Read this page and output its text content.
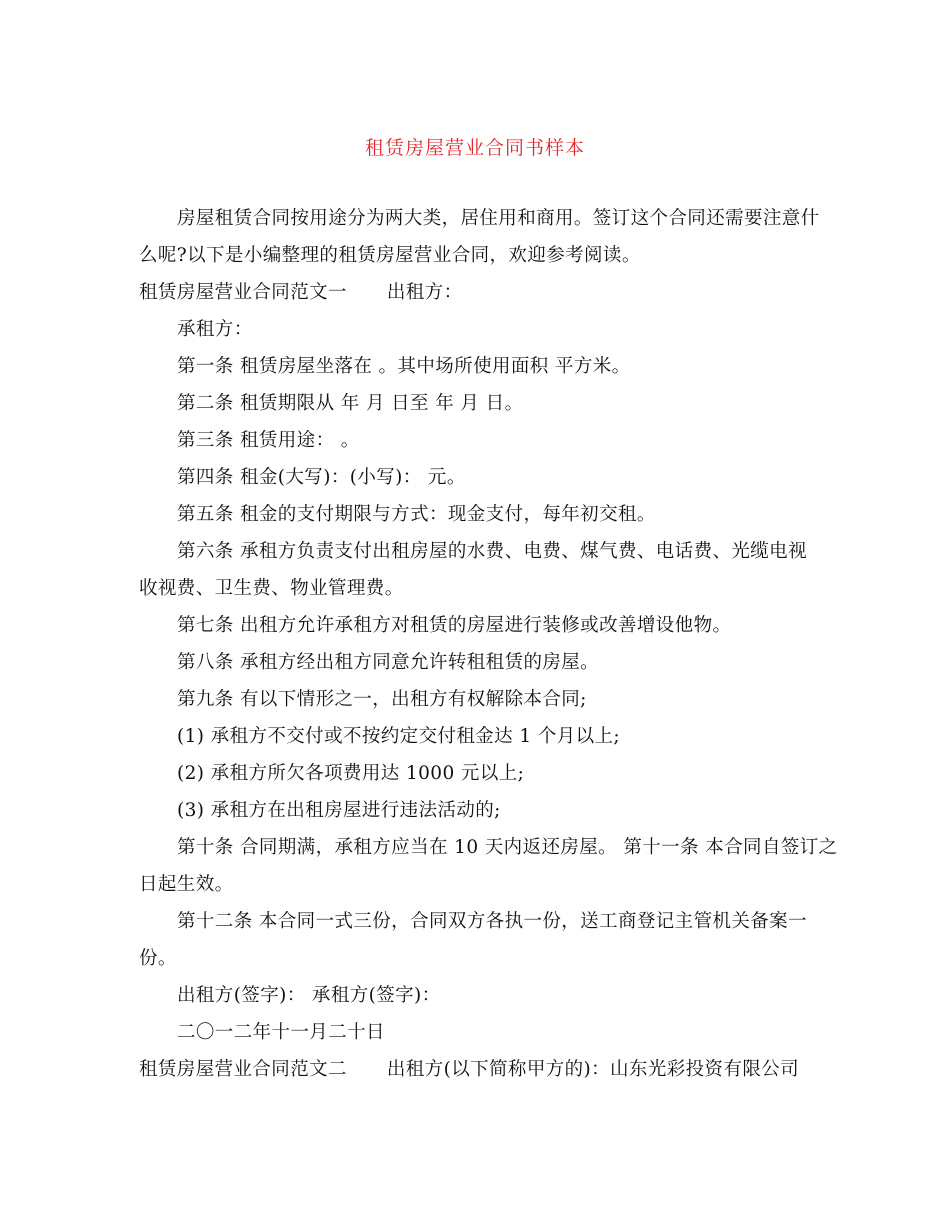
租赁房屋营业合同书样本
房屋租赁合同按用途分为两大类，居住用和商用。签订这个合同还需要注意什
么呢?以下是小编整理的租赁房屋营业合同，欢迎参考阅读。
租赁房屋营业合同范文一 出租方：
承租方：
第一条 租赁房屋坐落在 。其中场所使用面积 平方米。
第二条 租赁期限从 年 月 日至 年 月 日。
第三条 租赁用途： 。
第四条 租金(大写)：(小写)： 元。
第五条 租金的支付期限与方式：现金支付，每年初交租。
第六条 承租方负责支付出租房屋的水费、电费、煤气费、电话费、光缆电视
收视费、卫生费、物业管理费。
第七条 出租方允许承租方对租赁的房屋进行装修或改善增设他物。
第八条 承租方经出租方同意允许转租租赁的房屋。
第九条 有以下情形之一，出租方有权解除本合同;
(1) 承租方不交付或不按约定交付租金达 1 个月以上;
(2) 承租方所欠各项费用达 1000 元以上;
(3) 承租方在出租房屋进行违法活动的;
第十条 合同期满，承租方应当在 10 天内返还房屋。 第十一条 本合同自签订之
日起生效。
第十二条 本合同一式三份，合同双方各执一份，送工商登记主管机关备案一
份。
出租方(签字)： 承租方(签字)：
二〇一二年十一月二十日
租赁房屋营业合同范文二 出租方(以下简称甲方的)：山东光彩投资有限公司
